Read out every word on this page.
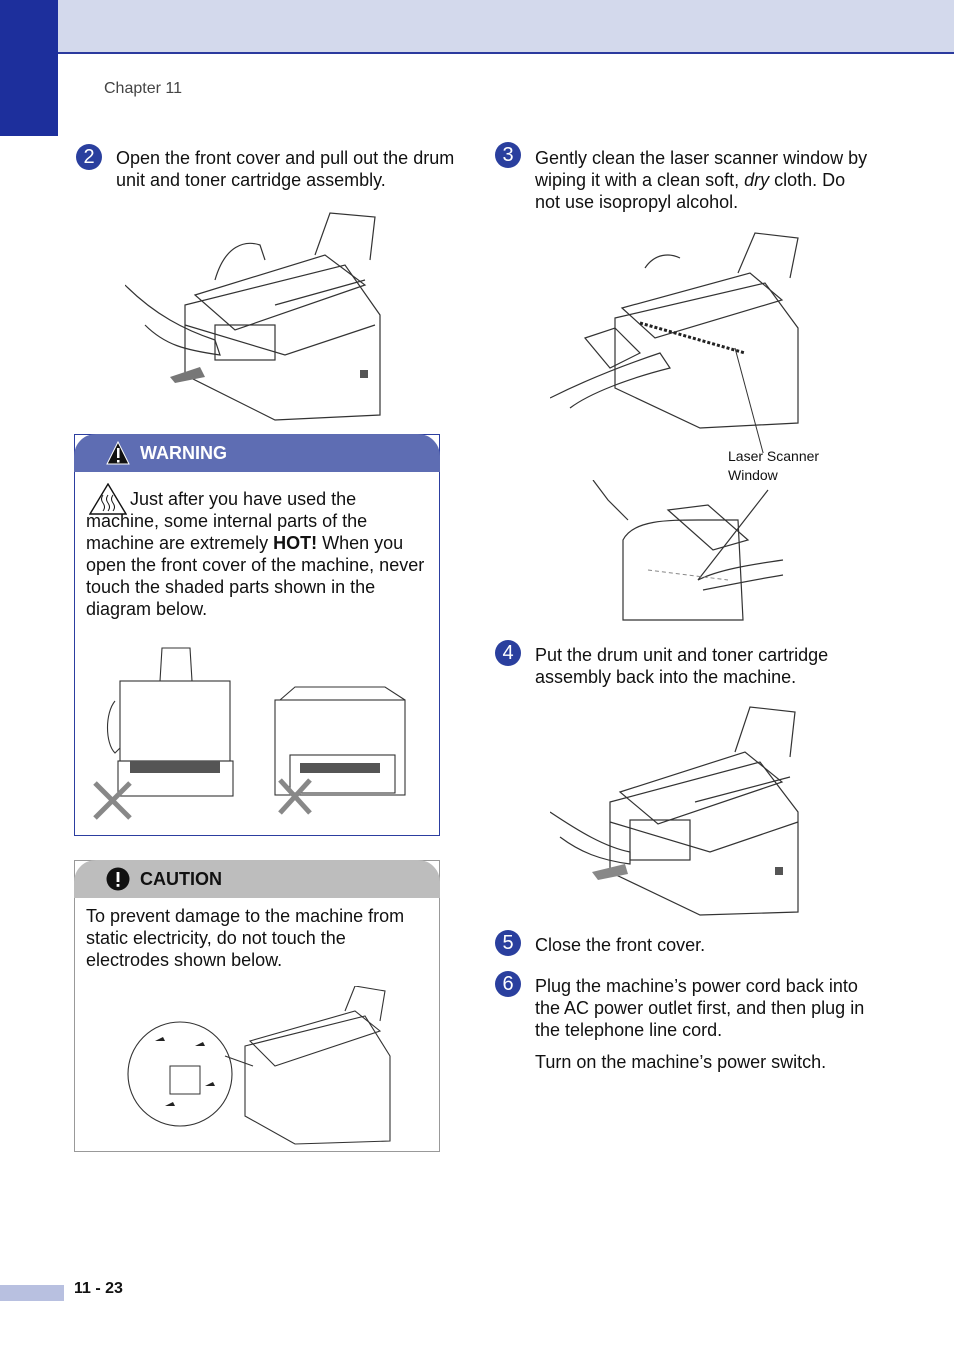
Chapter 11
2	Open the front cover and pull out the drum unit and toner cartridge assembly.
WARNING
Just after you have used the machine, some internal parts of the machine are extremely HOT! When you open the front cover of the machine, never touch the shaded parts shown in the diagram below.
CAUTION
To prevent damage to the machine from static electricity, do not touch the electrodes shown below.
3	Gently clean the laser scanner window by wiping it with a clean soft, dry cloth. Do not use isopropyl alcohol.
Laser Scanner
Window
4	Put the drum unit and toner cartridge assembly back into the machine.
5	Close the front cover.
6	Plug the machine’s power cord back into the AC power outlet first, and then plug in the telephone line cord.
Turn on the machine’s power switch.
11 - 23
